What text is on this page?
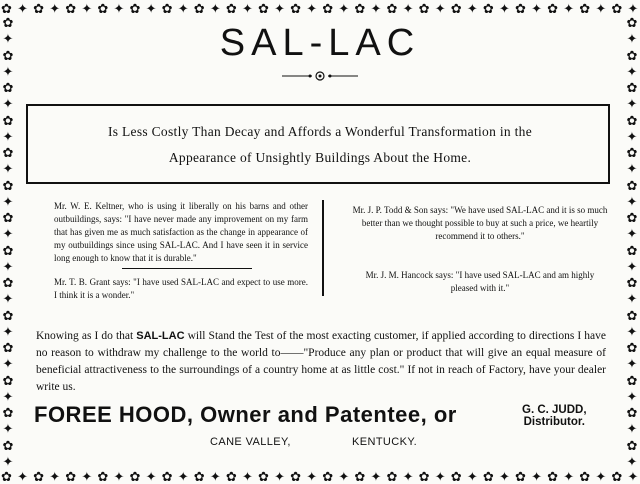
✿ ✦ ✿ ✦ ✿ ✦ ✿ ✦ ✿ ✦ ✿ ✦ ✿ ✦ ✿ ✦ ✿ ✦ ✿ ✦ ✿ ✦ ✿ ✦ ✿ ✦ ✿ ✦ ✿ ✦ ✿ ✦ ✿ ✦ ✿ ✦ ✿ ✦ ✿ ✦
✿ ✦ ✿ ✦ ✿ ✦ ✿ ✦ ✿ ✦ ✿ ✦ ✿ ✦ ✿ ✦ ✿ ✦ ✿ ✦ ✿ ✦ ✿ ✦ ✿ ✦ ✿ ✦ ✿ ✦ ✿ ✦ ✿ ✦ ✿ ✦ ✿ ✦ ✿ ✦
✿
✦
✿
✦
✿
✦
✿
✦
✿
✦
✿
✦
✿
✦
✿
✦
✿
✦
✿
✦
✿
✦
✿
✦
✿
✦
✿
✦
✿
✦
✿
✦
✿
✦
✿
✦
✿
✦
✿
✦
✿
✦
✿
✦
✿
✦
✿
✦
✿
✦
✿
✦
✿
✦
✿
✦
SAL-LAC
Is Less Costly Than Decay and Affords a Wonderful Transformation in the
Appearance of Unsightly Buildings About the Home.
Mr. W. E. Keltner, who is using it liberally on his barns and other outbuildings, says: "I have never made any improvement on my farm that has given me as much satisfaction as the change in appearance of my outbuildings since using SAL-LAC. And I have seen it in service long enough to know that it is durable."
Mr. T. B. Grant says: "I have used SAL-LAC and expect to use more. I think it is a wonder."
Mr. J. P. Todd & Son says: "We have used SAL-LAC and it is so much better than we thought possible to buy at such a price, we heartily recommend it to others."
Mr. J. M. Hancock says: "I have used SAL-LAC and am highly pleased with it."
Knowing as I do that SAL-LAC will Stand the Test of the most exacting customer, if applied according to directions I have no reason to withdraw my challenge to the world to——"Produce any plan or product that will give an equal measure of beneficial attractiveness to the surroundings of a country home at as little cost." If not in reach of Factory, have your dealer write us.
FOREE HOOD, Owner and Patentee, or	G. C. JUDD,
Distributor.
CANE VALLEY,	KENTUCKY.
